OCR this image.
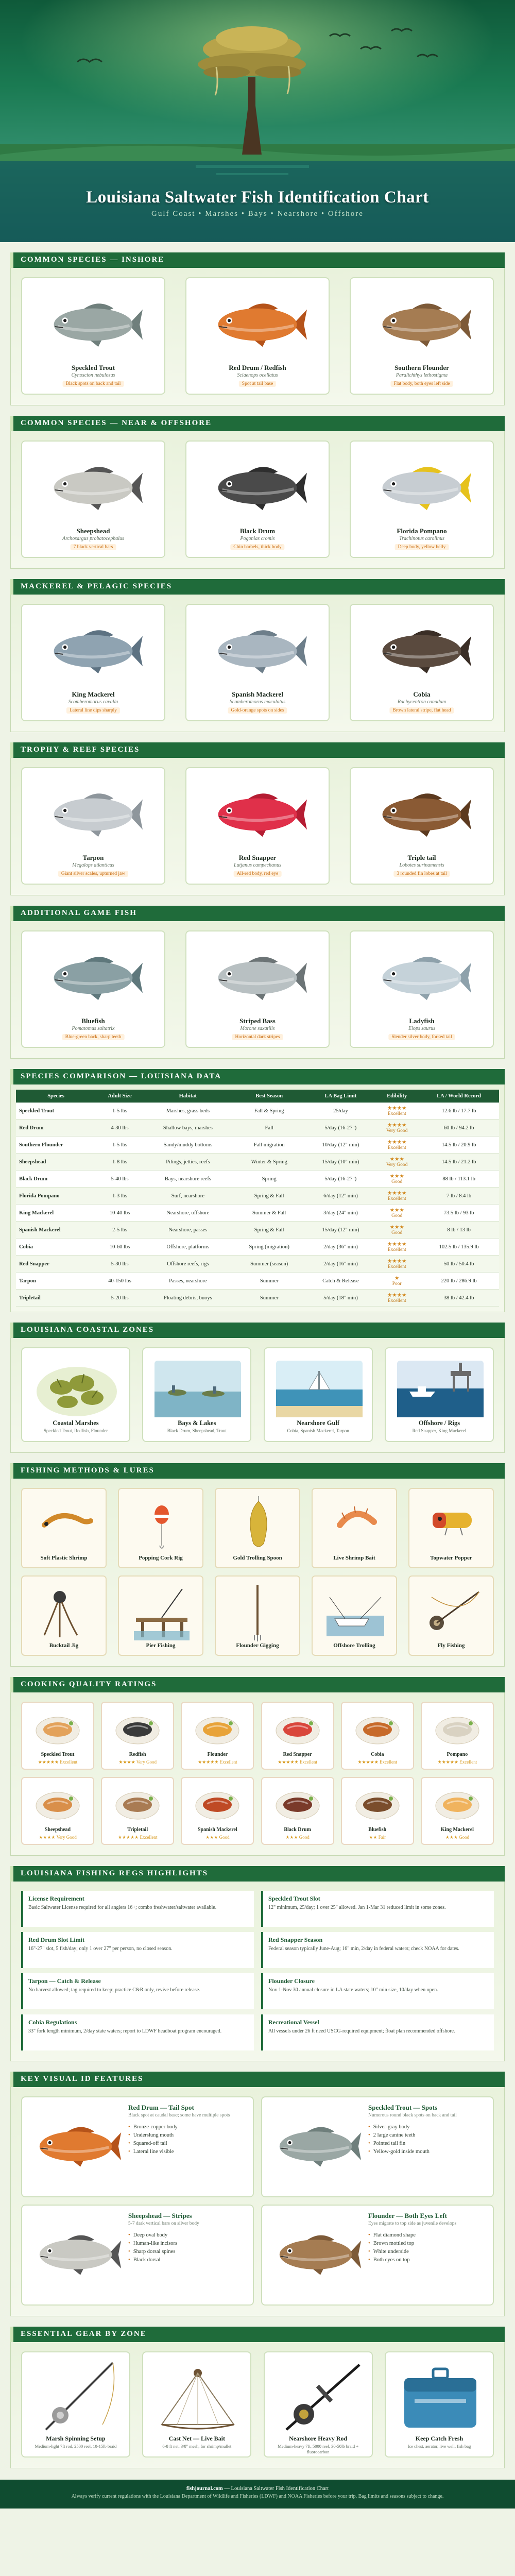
Louisiana Saltwater Fish Identification Chart
Gulf Coast • Marshes • Bays • Nearshore • Offshore
COMMON SPECIES — INSHORE
Speckled Trout
Cynoscion nebulosus
Black spots on back and tail
Red Drum / Redfish
Sciaenops ocellatus
Spot at tail base
Southern Flounder
Paralichthys lethostigma
Flat body, both eyes left side
COMMON SPECIES — NEAR & OFFSHORE
Sheepshead
Archosargus probatocephalus
7 black vertical bars
Black Drum
Pogonias cromis
Chin barbels, thick body
Florida Pompano
Trachinotus carolinus
Deep body, yellow belly
MACKEREL & PELAGIC SPECIES
King Mackerel
Scomberomorus cavalla
Lateral line dips sharply
Spanish Mackerel
Scomberomorus maculatus
Gold-orange spots on sides
Cobia
Rachycentron canadum
Brown lateral stripe, flat head
TROPHY & REEF SPECIES
Tarpon
Megalops atlanticus
Giant silver scales, upturned jaw
Red Snapper
Lutjanus campechanus
All-red body, red eye
Triple tail
Lobotes surinamensis
3 rounded fin lobes at tail
ADDITIONAL GAME FISH
Bluefish
Pomatomus saltatrix
Blue-green back, sharp teeth
Striped Bass
Morone saxatilis
Horizontal dark stripes
Ladyfish
Elops saurus
Slender silver body, forked tail
SPECIES COMPARISON — LOUISIANA DATA
Species	Adult Size	Habitat	Best Season	LA Bag Limit	Edibility	LA / World Record
Speckled Trout	1-5 lbs	Marshes, grass beds	Fall & Spring	25/day	★★★★
Excellent	12.6 lb / 17.7 lb
Red Drum	4-30 lbs	Shallow bays, marshes	Fall	5/day (16-27")	★★★★
Very Good	60 lb / 94.2 lb
Southern Flounder	1-5 lbs	Sandy/muddy bottoms	Fall migration	10/day (12" min)	★★★★
Excellent	14.5 lb / 20.9 lb
Sheepshead	1-8 lbs	Pilings, jetties, reefs	Winter & Spring	15/day (10" min)	★★★
Very Good	14.5 lb / 21.2 lb
Black Drum	5-40 lbs	Bays, nearshore reefs	Spring	5/day (16-27")	★★★
Good	88 lb / 113.1 lb
Florida Pompano	1-3 lbs	Surf, nearshore	Spring & Fall	6/day (12" min)	★★★★
Excellent	7 lb / 8.4 lb
King Mackerel	10-40 lbs	Nearshore, offshore	Summer & Fall	3/day (24" min)	★★★
Good	73.5 lb / 93 lb
Spanish Mackerel	2-5 lbs	Nearshore, passes	Spring & Fall	15/day (12" min)	★★★
Good	8 lb / 13 lb
Cobia	10-60 lbs	Offshore, platforms	Spring (migration)	2/day (36" min)	★★★★
Excellent	102.5 lb / 135.9 lb
Red Snapper	5-30 lbs	Offshore reefs, rigs	Summer (season)	2/day (16" min)	★★★★
Excellent	50 lb / 50.4 lb
Tarpon	40-150 lbs	Passes, nearshore	Summer	Catch & Release	★
Poor	220 lb / 286.9 lb
Tripletail	5-20 lbs	Floating debris, buoys	Summer	5/day (18" min)	★★★★
Excellent	38 lb / 42.4 lb
LOUISIANA COASTAL ZONES
Coastal Marshes
Speckled Trout, Redfish, Flounder
Bays & Lakes
Black Drum, Sheepshead, Trout
Nearshore Gulf
Cobia, Spanish Mackerel, Tarpon
Offshore / Rigs
Red Snapper, King Mackerel
FISHING METHODS & LURES
Soft Plastic Shrimp	Popping Cork Rig	Gold Trolling Spoon	Live Shrimp Bait	Topwater Popper
Bucktail Jig	Pier Fishing	Flounder Gigging	Offshore Trolling	Fly Fishing
COOKING QUALITY RATINGS
Speckled Trout
★★★★★ Excellent
Redfish
★★★★ Very Good
Flounder
★★★★★ Excellent
Red Snapper
★★★★★ Excellent
Cobia
★★★★★ Excellent
Pompano
★★★★★ Excellent
Sheepshead
★★★★ Very Good
Tripletail
★★★★★ Excellent
Spanish Mackerel
★★★ Good
Black Drum
★★★ Good
Bluefish
★★ Fair
King Mackerel
★★★ Good
LOUISIANA FISHING REGS HIGHLIGHTS
License Requirement
Basic Saltwater License required for all anglers 16+; combo freshwater/saltwater available.
Speckled Trout Slot
12" minimum, 25/day; 1 over 25" allowed. Jan 1-Mar 31 reduced limit in some zones.
Red Drum Slot Limit
16"-27" slot, 5 fish/day; only 1 over 27" per person, no closed season.
Red Snapper Season
Federal season typically June-Aug; 16" min, 2/day in federal waters; check NOAA for dates.
Tarpon — Catch & Release
No harvest allowed; tag required to keep; practice C&R only, revive before release.
Flounder Closure
Nov 1-Nov 30 annual closure in LA state waters; 10" min size, 10/day when open.
Cobia Regulations
33" fork length minimum, 2/day state waters; report to LDWF headboat program encouraged.
Recreational Vessel
All vessels under 26 ft need USCG-required equipment; float plan recommended offshore.
KEY VISUAL ID FEATURES
Red Drum — Tail Spot
Black spot at caudal base; some have multiple spots
• Bronze-copper body
• Underslung mouth
• Squared-off tail
• Lateral line visible
Speckled Trout — Spots
Numerous round black spots on back and tail
• Silver-gray body
• 2 large canine teeth
• Pointed tail fin
• Yellow-gold inside mouth
Sheepshead — Stripes
5-7 dark vertical bars on silver body
• Deep oval body
• Human-like incisors
• Sharp dorsal spines
• Black dorsal
Flounder — Both Eyes Left
Eyes migrate to top side as juvenile develops
• Flat diamond shape
• Brown mottled top
• White underside
• Both eyes on top
ESSENTIAL GEAR BY ZONE
Marsh Spinning Setup
Medium-light 7ft rod, 2500 reel, 10-15lb braid
Cast Net — Live Bait
6-8 ft net, 3/8" mesh, for shrimp/mullet
Nearshore Heavy Rod
Medium-heavy 7ft, 5000 reel, 30-50lb braid + fluorocarbon
Keep Catch Fresh
Ice chest, aerator, live well, fish bag
fishjournal.com — Louisiana Saltwater Fish Identification Chart
Always verify current regulations with the Louisiana Department of Wildlife and Fisheries (LDWF) and NOAA Fisheries before your trip. Bag limits and seasons subject to change.
